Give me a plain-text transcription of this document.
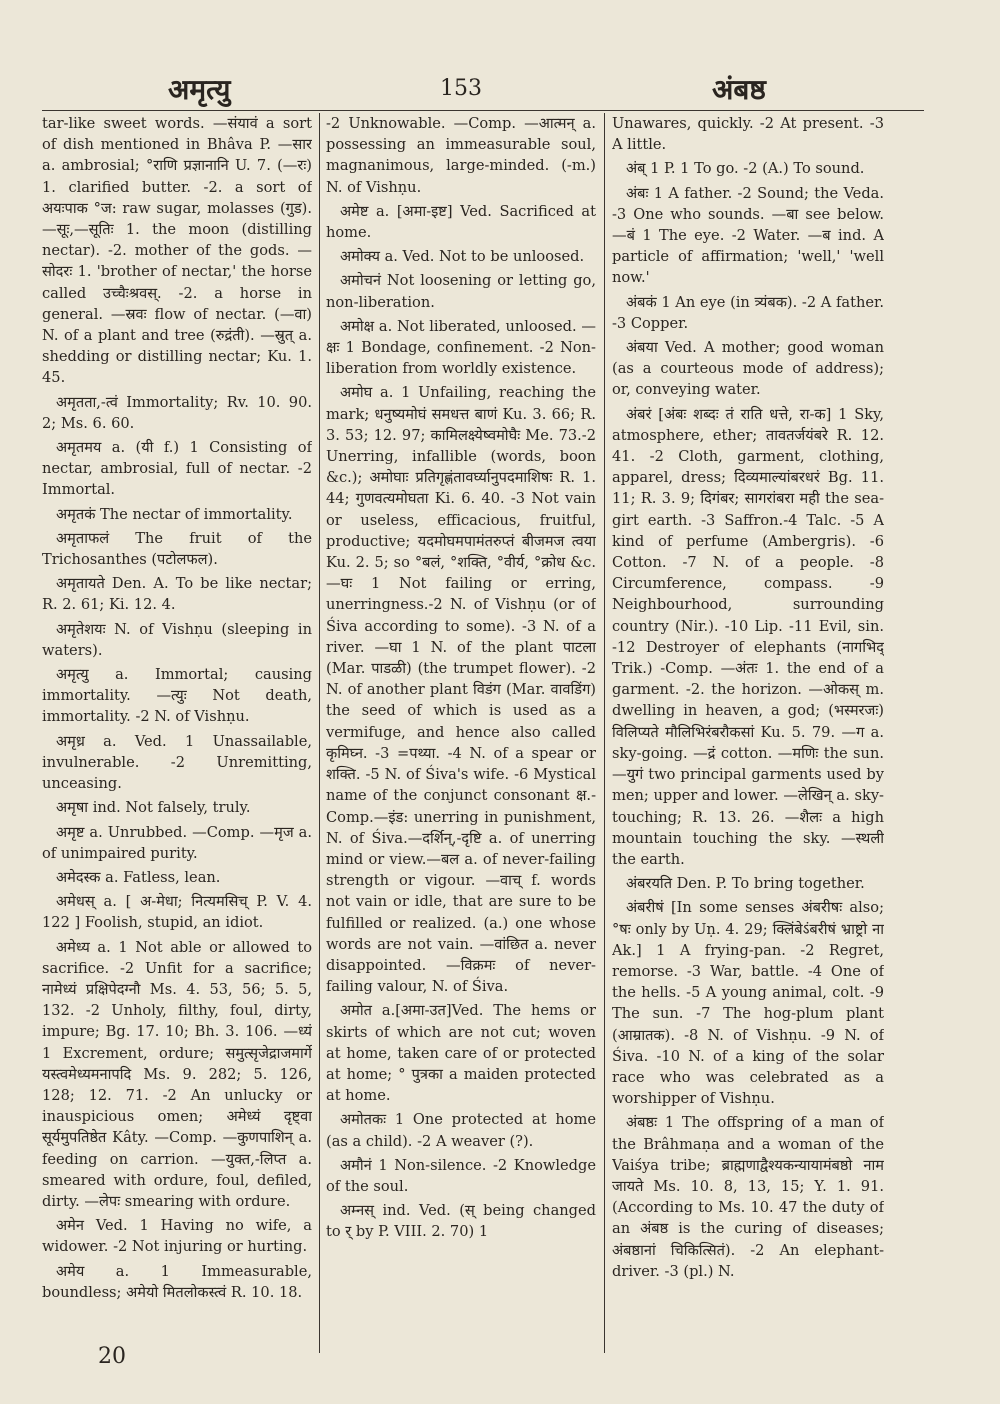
अमृत्यु	153	अंबष्ठ

tar-like sweet words. —संयावं a sort of dish mentioned in Bhâva P. —सार a. ambrosial; °राणि प्रज्ञानानि U. 7. (—रः) 1. clarified butter. -2. a sort of अयःपाक °ज: raw sugar, molasses (गुड). —सूः,—सूतिः 1. the moon (distilling nectar). -2. mother of the gods. —सोदरः 1. 'brother of nectar,' the horse called उच्चैःश्रवस्. -2. a horse in general. —स्रवः flow of nectar. (—वा) N. of a plant and tree (रुद्रंती). —स्रुत् a. shedding or distilling nectar; Ku. 1. 45.

अमृतता,-त्वं Immortality; Rv. 10. 90. 2; Ms. 6. 60.

अमृतमय a. (यी f.) 1 Consisting of nectar, ambrosial, full of nectar. -2 Immortal.

अमृतकं The nectar of immortality.

अमृताफलं The fruit of the Trichosanthes (पटोलफल).

अमृतायते Den. A. To be like nectar; R. 2. 61; Ki. 12. 4.

अमृतेशयः N. of Vishṇu (sleeping in waters).

अमृत्यु a. Immortal; causing immortality. —त्युः Not death, immortality. -2 N. of Vishṇu.

अमृध्र a. Ved. 1 Unassailable, invulnerable. -2 Unremitting, unceasing.

अमृषा ind. Not falsely, truly.

अमृष्ट a. Unrubbed. —Comp. —मृज a. of unimpaired purity.

अमेदस्क a. Fatless, lean.

अमेधस् a. [ अ-मेधा; नित्यमसिच् P. V. 4. 122 ] Foolish, stupid, an idiot.

अमेध्य a. 1 Not able or allowed to sacrifice. -2 Unfit for a sacrifice; नामेध्यं प्रक्षिपेदग्नौ Ms. 4. 53, 56; 5. 5, 132. -2 Unholy, filthy, foul, dirty, impure; Bg. 17. 10; Bh. 3. 106. —ध्यं 1 Excrement, ordure; समुत्सृजेद्राजमार्गे यस्त्वमेध्यमनापदि Ms. 9. 282; 5. 126, 128; 12. 71. -2 An unlucky or inauspicious omen; अमेध्यं दृष्ट्वा सूर्यमुपतिष्ठेत Kâty. —Comp. —कुणपाशिन् a. feeding on carrion. —युक्त,-लिप्त a. smeared with ordure, foul, defiled, dirty. —लेपः smearing with ordure.

अमेन Ved. 1 Having no wife, a widower. -2 Not injuring or hurting.

अमेय a. 1 Immeasurable, boundless; अमेयो मितलोकस्त्वं R. 10. 18.

-2 Unknowable. —Comp. —आत्मन् a. possessing an immeasurable soul, magnanimous, large-minded. (-m.) N. of Vishṇu.

अमेष्ट a. [अमा-इष्ट] Ved. Sacrificed at home.

अमोक्य a. Ved. Not to be unloosed.

अमोचनं Not loosening or letting go, non-liberation.

अमोक्ष a. Not liberated, unloosed. —क्षः 1 Bondage, confinement. -2 Non-liberation from worldly existence.

अमोघ a. 1 Unfailing, reaching the mark; धनुष्यमोघं समधत्त बाणं Ku. 3. 66; R. 3. 53; 12. 97; कामिलक्ष्येष्वमोघैः Me. 73.-2 Unerring, infallible (words, boon &c.); अमोघाः प्रतिगृह्णंतावर्घ्यानुपदमाशिषः R. 1. 44; गुणवत्यमोघता Ki. 6. 40. -3 Not vain or useless, efficacious, fruitful, productive; यदमोघमपामंतरुप्तं बीजमज त्वया Ku. 2. 5; so °बलं, °शक्ति, °वीर्य, °क्रोध &c. —घः 1 Not failing or erring, unerringness.-2 N. of Vishṇu (or of Śiva according to some). -3 N. of a river. —घा 1 N. of the plant पाटला (Mar. पाडळी) (the trumpet flower). -2 N. of another plant विडंग (Mar. वावडिंग) the seed of which is used as a vermifuge, and hence also called कृमिघ्न. -3 =पथ्या. -4 N. of a spear or शक्ति. -5 N. of Śiva's wife. -6 Mystical name of the conjunct consonant क्ष.-Comp.—इंड: unerring in punishment, N. of Śiva.—दर्शिन्,-दृष्टि a. of unerring mind or view.—बल a. of never-failing strength or vigour. —वाच् f. words not vain or idle, that are sure to be fulfilled or realized. (a.) one whose words are not vain. —वांछित a. never disappointed. —विक्रमः of never-failing valour, N. of Śiva.

अमोत a.[अमा-उत]Ved. The hems or skirts of which are not cut; woven at home, taken care of or protected at home; ° पुत्रका a maiden protected at home.

अमोतकः 1 One protected at home (as a child). -2 A weaver (?).

अमौनं 1 Non-silence. -2 Knowledge of the soul.

अम्नस् ind. Ved. (स् being changed to र् by P. VIII. 2. 70) 1

Unawares, quickly. -2 At present. -3 A little.

अंब् 1 P. 1 To go. -2 (A.) To sound.

अंबः 1 A father. -2 Sound; the Veda. -3 One who sounds. —बा see below. —बं 1 The eye. -2 Water. —ब ind. A particle of affirmation; 'well,' 'well now.'

अंबकं 1 An eye (in त्र्यंबक). -2 A father. -3 Copper.

अंबया Ved. A mother; good woman (as a courteous mode of address); or, conveying water.

अंबरं [अंबः शब्दः तं राति धत्ते, रा-क] 1 Sky, atmosphere, ether; तावतर्जयंबरे R. 12. 41. -2 Cloth, garment, clothing, apparel, dress; दिव्यमाल्यांबरधरं Bg. 11. 11; R. 3. 9; दिगंबर; सागरांबरा मही the sea-girt earth. -3 Saffron.-4 Talc. -5 A kind of perfume (Ambergris). -6 Cotton. -7 N. of a people. -8 Circumference, compass. -9 Neighbourhood, surrounding country (Nir.). -10 Lip. -11 Evil, sin. -12 Destroyer of elephants (नागभिद् Trik.) -Comp. —अंतः 1. the end of a garment. -2. the horizon. —ओकस् m. dwelling in heaven, a god; (भस्मरजः) विलिप्यते मौलिभिरंबरौकसां Ku. 5. 79. —ग a. sky-going. —द्रं cotton. —मणिः the sun. —युगं two principal garments used by men; upper and lower. —लेखिन् a. sky-touching; R. 13. 26. —शैलः a high mountain touching the sky. —स्थली the earth.

अंबरयति Den. P. To bring together.

अंबरीषं [In some senses अंबरीषः also; °षः only by Uṇ. 4. 29; क्लिंबेऽंबरीषं भ्राष्ट्रो ना Ak.] 1 A frying-pan. -2 Regret, remorse. -3 War, battle. -4 One of the hells. -5 A young animal, colt. -9 The sun. -7 The hog-plum plant (आम्रातक). -8 N. of Vishṇu. -9 N. of Śiva. -10 N. of a king of the solar race who was celebrated as a worshipper of Vishṇu.

अंबष्ठः 1 The offspring of a man of the Brâhmaṇa and a woman of the Vaiśya tribe; ब्राह्मणाद्वैश्यकन्यायामंबष्ठो नाम जायते Ms. 10. 8, 13, 15; Y. 1. 91. (According to Ms. 10. 47 the duty of an अंबष्ठ is the curing of diseases; अंबष्ठानां चिकित्सितं). -2 An elephant-driver. -3 (pl.) N.

20
